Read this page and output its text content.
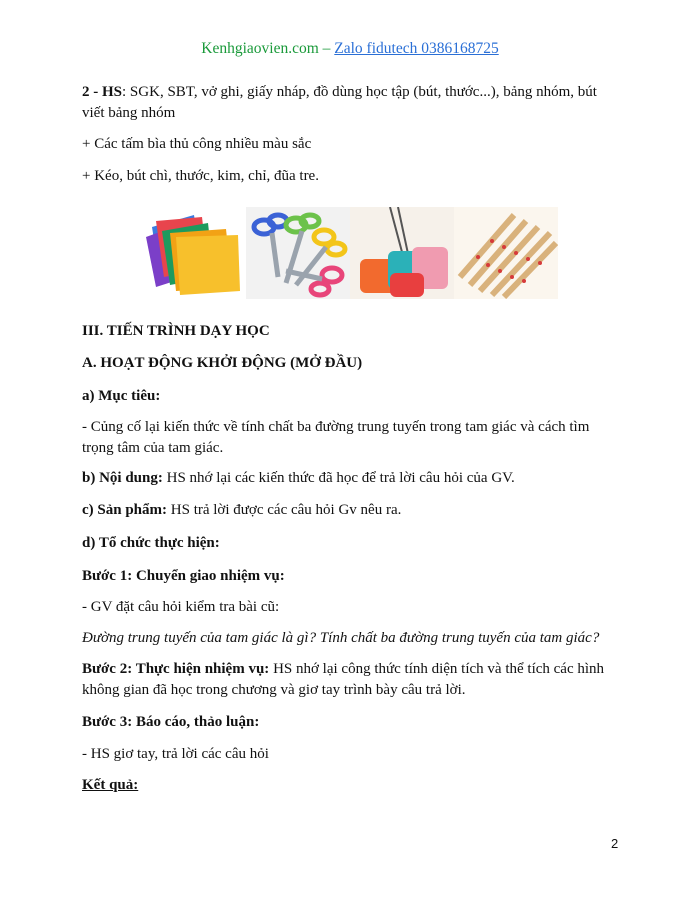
Kenhgiaovien.com – Zalo fidutech 0386168725

2 - HS: SGK, SBT, vở ghi, giấy nháp, đồ dùng học tập (bút, thước...), bảng nhóm, bút viết bảng nhóm

+ Các tấm bìa thủ công nhiều màu sắc

+ Kéo, bút chì, thước, kim, chỉ, đũa tre.

III. TIẾN TRÌNH DẠY HỌC
A. HOẠT ĐỘNG KHỞI ĐỘNG (MỞ ĐẦU)
a) Mục tiêu:
- Củng cố lại kiến thức về tính chất ba đường trung tuyến trong tam giác và cách tìm trọng tâm của tam giác.
b) Nội dung: HS nhớ lại các kiến thức đã học để trả lời câu hỏi của GV.
c) Sản phẩm: HS trả lời được các câu hỏi Gv nêu ra.
d) Tổ chức thực hiện:
Bước 1: Chuyển giao nhiệm vụ:
- GV đặt câu hỏi kiểm tra bài cũ:
Đường trung tuyến của tam giác là gì? Tính chất ba đường trung tuyến của tam giác?
Bước 2: Thực hiện nhiệm vụ: HS nhớ lại công thức tính diện tích và thể tích các hình không gian đã học trong chương và giơ tay trình bày câu trả lời.
Bước 3: Báo cáo, thảo luận:
- HS giơ tay, trả lời các câu hỏi
Kết quả:
2
